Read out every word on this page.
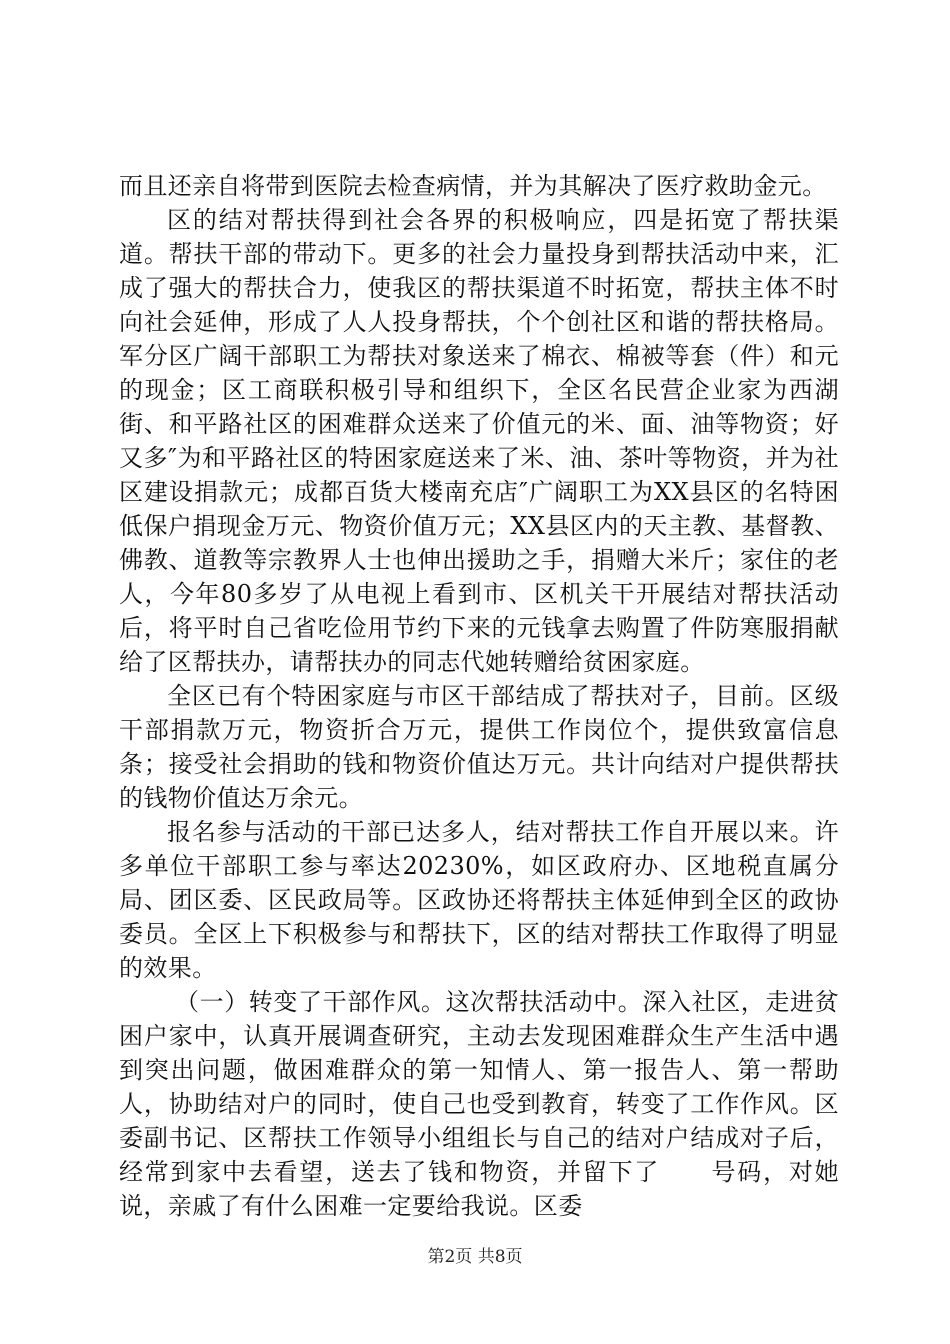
而且还亲自将带到医院去检查病情，并为其解决了医疗救助金元。

区的结对帮扶得到社会各界的积极响应，四是拓宽了帮扶渠道。帮扶干部的带动下。更多的社会力量投身到帮扶活动中来，汇成了强大的帮扶合力，使我区的帮扶渠道不时拓宽，帮扶主体不时向社会延伸，形成了人人投身帮扶，个个创社区和谐的帮扶格局。军分区广阔干部职工为帮扶对象送来了棉衣、棉被等套（件）和元的现金；区工商联积极引导和组织下，全区名民营企业家为西湖街、和平路社区的困难群众送来了价值元的米、面、油等物资；好又多″为和平路社区的特困家庭送来了米、油、茶叶等物资，并为社区建设捐款元；成都百货大楼南充店″广阔职工为XX县区的名特困低保户捐现金万元、物资价值万元；XX县区内的天主教、基督教、佛教、道教等宗教界人士也伸出援助之手，捐赠大米斤；家住的老人，今年80多岁了从电视上看到市、区机关干开展结对帮扶活动后，将平时自己省吃俭用节约下来的元钱拿去购置了件防寒服捐献给了区帮扶办，请帮扶办的同志代她转赠给贫困家庭。

全区已有个特困家庭与市区干部结成了帮扶对子，目前。区级干部捐款万元，物资折合万元，提供工作岗位个，提供致富信息条；接受社会捐助的钱和物资价值达万元。共计向结对户提供帮扶的钱物价值达万余元。

报名参与活动的干部已达多人，结对帮扶工作自开展以来。许多单位干部职工参与率达20230%，如区政府办、区地税直属分局、团区委、区民政局等。区政协还将帮扶主体延伸到全区的政协委员。全区上下积极参与和帮扶下，区的结对帮扶工作取得了明显的效果。

（一）转变了干部作风。这次帮扶活动中。深入社区，走进贫困户家中，认真开展调查研究，主动去发现困难群众生产生活中遇到突出问题，做困难群众的第一知情人、第一报告人、第一帮助人，协助结对户的同时，使自己也受到教育，转变了工作作风。区委副书记、区帮扶工作领导小组组长与自己的结对户结成对子后，经常到家中去看望，送去了钱和物资，并留下了　　号码，对她说，亲戚了有什么困难一定要给我说。区委

第2页 共8页
